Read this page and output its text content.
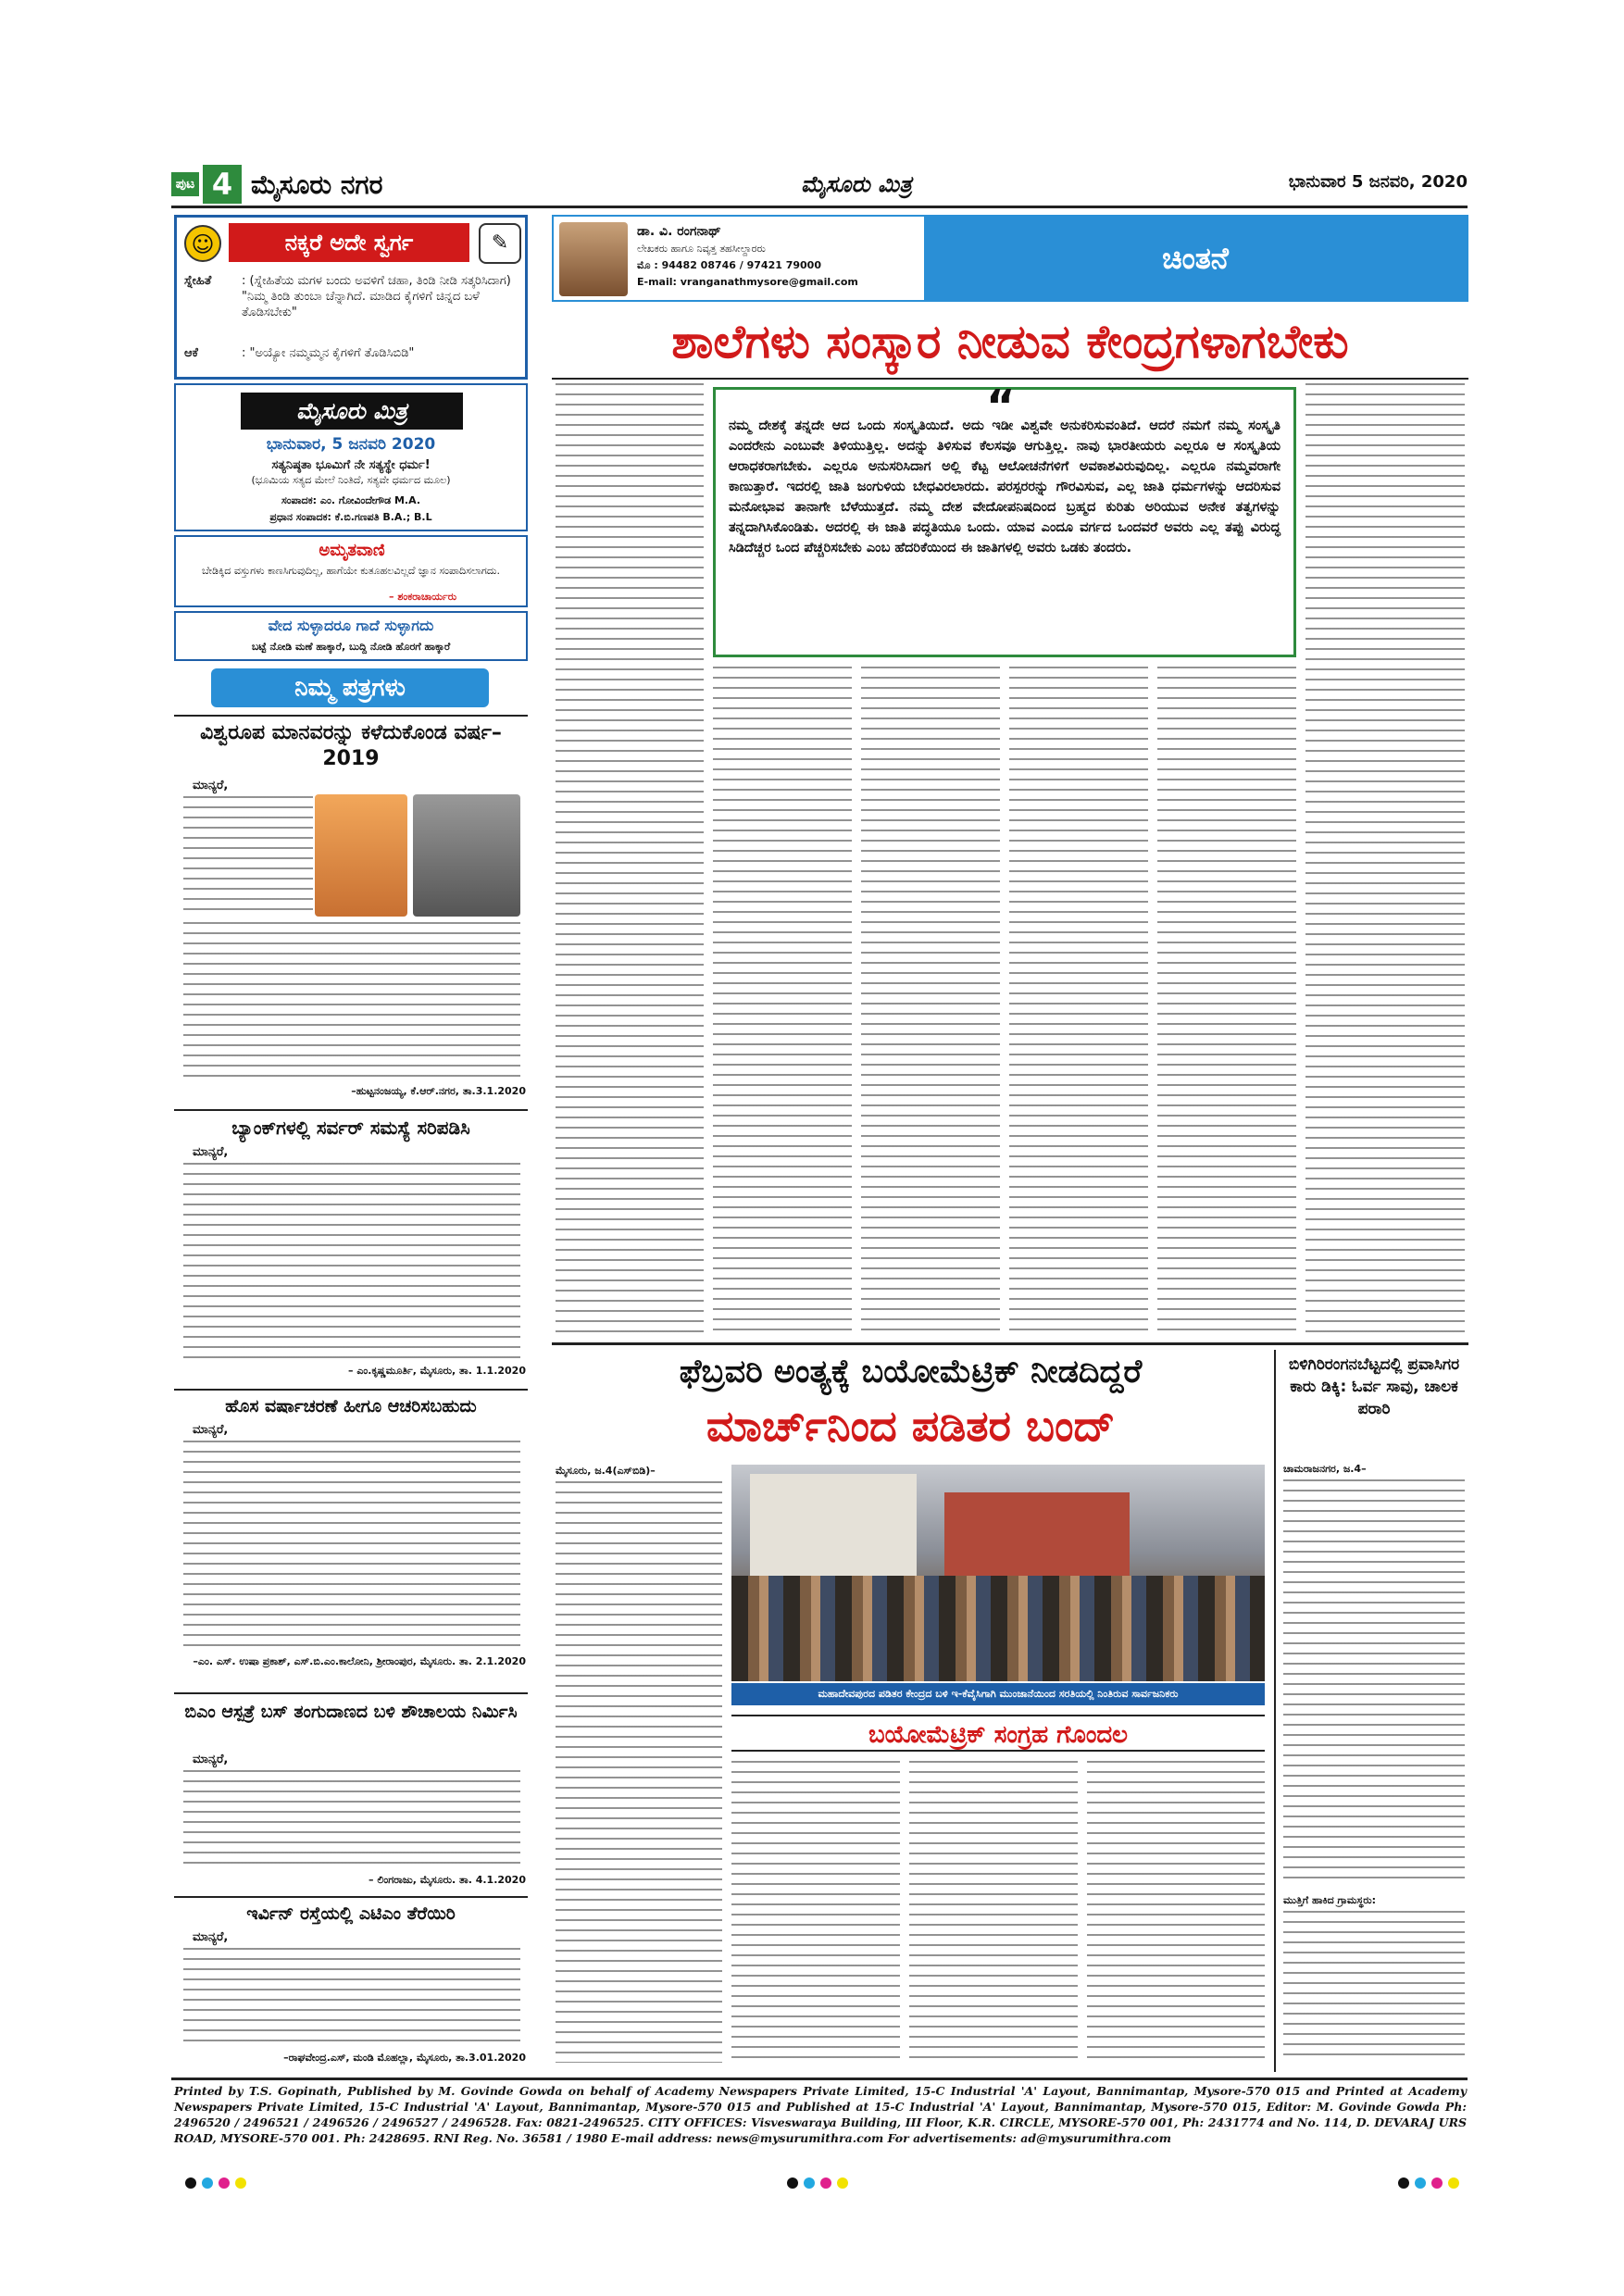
ಪುಟ 4 ಮೈಸೂರು ನಗರ	ಮೈಸೂರು ಮಿತ್ರ	ಭಾನುವಾರ 5 ಜನವರಿ, 2020
☺	ನಕ್ಕರೆ ಅದೇ ಸ್ವರ್ಗ	✎
ಸ್ನೇಹಿತೆ	: (ಸ್ನೇಹಿತೆಯ ಮಗಳ ಬಂದು ಅವಳಿಗೆ ಚಹಾ, ತಿಂಡಿ ನೀಡಿ ಸತ್ಕರಿಸಿದಾಗ) "ನಿಮ್ಮ ತಿಂಡಿ ತುಂಬಾ ಚೆನ್ನಾಗಿದೆ. ಮಾಡಿದ ಕೈಗಳಿಗೆ ಚಿನ್ನದ ಬಳೆ ತೊಡಿಸಬೇಕು"
ಆಕೆ	: "ಅಯ್ಯೋ ನಮ್ಮಮ್ಮನ ಕೈಗಳಿಗೆ ತೊಡಿಸಿಬಿಡಿ"
ಮೈಸೂರು ಮಿತ್ರ
ಭಾನುವಾರ, 5 ಜನವರಿ 2020
ಸತ್ಯನಿಷ್ಠತಾ ಭೂಮಿಗೆ ನೇ ಸತ್ಯಸ್ಥೇ ಧರ್ಮ!
(ಭೂಮಿಯ ಸತ್ಯದ ಮೇಲೆ ನಿಂತಿದೆ, ಸತ್ಯವೇ ಧರ್ಮದ ಮೂಲ)
ಸಂಪಾದಕ: ಎಂ. ಗೋವಿಂದೇಗೌಡ M.A.
ಪ್ರಧಾನ ಸಂಪಾದಕ: ಕೆ.ಬಿ.ಗಣಪತಿ B.A.; B.L
ಅಮೃತವಾಣಿ
ಬೇಡಿಕ್ಕಿದ ವಸ್ತುಗಳು ಕಾಣಸಿಗುವುದಿಲ್ಲ, ಹಾಗೆಯೇ ಕುತೂಹಲವಿಲ್ಲದೆ ಜ್ಞಾನ ಸಂಪಾದಿಸಲಾಗದು.
– ಶಂಕರಾಚಾರ್ಯರು
ವೇದ ಸುಳ್ಳಾದರೂ ಗಾದೆ ಸುಳ್ಳಾಗದು
ಬಟ್ಟೆ ನೋಡಿ ಮಣೆ ಹಾಕ್ಕಾರೆ, ಬುದ್ದಿ ನೋಡಿ ಹೊರಗೆ ಹಾಕ್ಕಾರೆ
ನಿಮ್ಮ ಪತ್ರಗಳು
ವಿಶ್ವರೂಪ ಮಾನವರನ್ನು ಕಳೆದುಕೊಂಡ ವರ್ಷ–2019
ಮಾನ್ಯರೆ,
–ಹುಟ್ಟನಂಜಯ್ಯ, ಕೆ.ಆರ್.ನಗರ, ತಾ.3.1.2020
ಬ್ಯಾಂಕ್‌ಗಳಲ್ಲಿ ಸರ್ವರ್ ಸಮಸ್ಯೆ ಸರಿಪಡಿಸಿ
ಮಾನ್ಯರೆ,
– ಎಂ.ಕೃಷ್ಣಮೂರ್ತಿ, ಮೈಸೂರು, ತಾ. 1.1.2020
ಹೊಸ ವರ್ಷಾಚರಣೆ ಹೀಗೂ ಆಚರಿಸಬಹುದು
ಮಾನ್ಯರೆ,
–ಎಂ. ಎಸ್. ಉಷಾ ಪ್ರಕಾಶ್, ಎಸ್.ಬಿ.ಎಂ.ಕಾಲೋನಿ, ಶ್ರೀರಾಂಪುರ, ಮೈಸೂರು. ತಾ. 2.1.2020
ಬಿಎಂ ಆಸ್ಪತ್ರೆ ಬಸ್ ತಂಗುದಾಣದ ಬಳಿ ಶೌಚಾಲಯ ನಿರ್ಮಿಸಿ
ಮಾನ್ಯರೆ,
– ಲಿಂಗರಾಜು, ಮೈಸೂರು. ತಾ. 4.1.2020
ಇರ್ವಿನ್ ರಸ್ತೆಯಲ್ಲಿ ಎಟಿಎಂ ತೆರೆಯಿರಿ
ಮಾನ್ಯರೆ,
–ರಾಘವೇಂದ್ರ.ಎಸ್, ಮಂಡಿ ಮೊಹಲ್ಲಾ, ಮೈಸೂರು, ತಾ.3.01.2020
ಡಾ. ವಿ. ರಂಗನಾಥ್
ಲೇಖಕರು ಹಾಗೂ ನಿವೃತ್ತ ತಹಸೀಲ್ದಾರರು
ಮೊ : 94482 08746 / 97421 79000
E-mail: vranganathmysore@gmail.com
ಚಿಂತನೆ
ಶಾಲೆಗಳು ಸಂಸ್ಕಾರ ನೀಡುವ ಕೇಂದ್ರಗಳಾಗಬೇಕು
“
ನಮ್ಮ ದೇಶಕ್ಕೆ ತನ್ನದೇ ಆದ ಒಂದು ಸಂಸ್ಕೃತಿಯಿದೆ. ಅದು ಇಡೀ ವಿಶ್ವವೇ ಅನುಕರಿಸುವಂತಿದೆ. ಆದರೆ ನಮಗೆ ನಮ್ಮ ಸಂಸ್ಕೃತಿ ಎಂದರೇನು ಎಂಬುವೇ ತಿಳಿಯುತ್ತಿಲ್ಲ. ಅದನ್ನು ತಿಳಿಸುವ ಕೆಲಸವೂ ಆಗುತ್ತಿಲ್ಲ. ನಾವು ಭಾರತೀಯರು ಎಲ್ಲರೂ ಆ ಸಂಸ್ಕೃತಿಯ ಆರಾಧಕರಾಗಬೇಕು. ಎಲ್ಲರೂ ಅನುಸರಿಸಿದಾಗ ಅಲ್ಲಿ ಕೆಟ್ಟ ಆಲೋಚನೆಗಳಿಗೆ ಅವಕಾಶವಿರುವುದಿಲ್ಲ. ಎಲ್ಲರೂ ನಮ್ಮವರಾಗೇ ಕಾಣುತ್ತಾರೆ. ಇದರಲ್ಲಿ ಜಾತಿ ಜಂಗುಳಿಯ ಬೇಧವಿರಲಾರದು. ಪರಸ್ಪರರನ್ನು ಗೌರವಿಸುವ, ಎಲ್ಲ ಜಾತಿ ಧರ್ಮಗಳನ್ನು ಆದರಿಸುವ ಮನೋಭಾವ ತಾನಾಗೇ ಬೆಳೆಯುತ್ತದೆ. ನಮ್ಮ ದೇಶ ವೇದೋಪನಿಷದಿಂದ ಬ್ರಹ್ಮದ ಕುರಿತು ಅರಿಯುವ ಅನೇಕ ತತ್ವಗಳನ್ನು ತನ್ನದಾಗಿಸಿಕೊಂಡಿತು. ಅದರಲ್ಲಿ ಈ ಜಾತಿ ಪದ್ಧತಿಯೂ ಒಂದು. ಯಾವ ಎಂದೂ ವರ್ಗದ ಒಂದವರೆ ಅವರು ಎಲ್ಲ ತಪ್ಪು ವಿರುದ್ಧ ಸಿಡಿದೆಚ್ಚರ ಒಂದ ಪೆಚ್ಚರಿಸಬೇಕು ಎಂಬ ಹೆದರಿಕೆಯಿಂದ ಈ ಜಾತಿಗಳಲ್ಲಿ ಅವರು ಒಡಕು ತಂದರು.
ಫೆಬ್ರವರಿ ಅಂತ್ಯಕ್ಕೆ ಬಯೋಮೆಟ್ರಿಕ್ ನೀಡದಿದ್ದರೆ
ಮಾರ್ಚ್‌ನಿಂದ ಪಡಿತರ ಬಂದ್
ಮೈಸೂರು, ಜ.4(ಎಸ್‌ಬಿಡಿ)–
ಮಹಾದೇವಪುರದ ಪಡಿತರ ಕೇಂದ್ರದ ಬಳಿ ಇ-ಕೆವೈಸಿಗಾಗಿ ಮುಂಜಾನೆಯಿಂದ ಸರತಿಯಲ್ಲಿ ನಿಂತಿರುವ ಸಾರ್ವಜನಿಕರು
ಬಯೋಮೆಟ್ರಿಕ್ ಸಂಗ್ರಹ ಗೊಂದಲ
ಬಿಳಿಗಿರಿರಂಗನಬೆಟ್ಟದಲ್ಲಿ ಪ್ರವಾಸಿಗರ ಕಾರು ಡಿಕ್ಕಿ: ಓರ್ವ ಸಾವು, ಚಾಲಕ ಪರಾರಿ
ಚಾಮರಾಜನಗರ, ಜ.4–
ಮುತ್ತಿಗೆ ಹಾಕಿದ ಗ್ರಾಮಸ್ಥರು:
Printed by T.S. Gopinath, Published by M. Govinde Gowda on behalf of Academy Newspapers Private Limited, 15-C Industrial 'A' Layout, Bannimantap, Mysore-570 015 and Printed at Academy Newspapers Private Limited, 15-C Industrial 'A' Layout, Bannimantap, Mysore-570 015 and Published at 15-C Industrial 'A' Layout, Bannimantap, Mysore-570 015, Editor: M. Govinde Gowda Ph: 2496520 / 2496521 / 2496526 / 2496527 / 2496528. Fax: 0821-2496525. CITY OFFICES: Visveswaraya Building, III Floor, K.R. CIRCLE, MYSORE-570 001, Ph: 2431774 and No. 114, D. DEVARAJ URS ROAD, MYSORE-570 001. Ph: 2428695. RNI Reg. No. 36581 / 1980 E-mail address: news@mysurumithra.com For advertisements: ad@mysurumithra.com
